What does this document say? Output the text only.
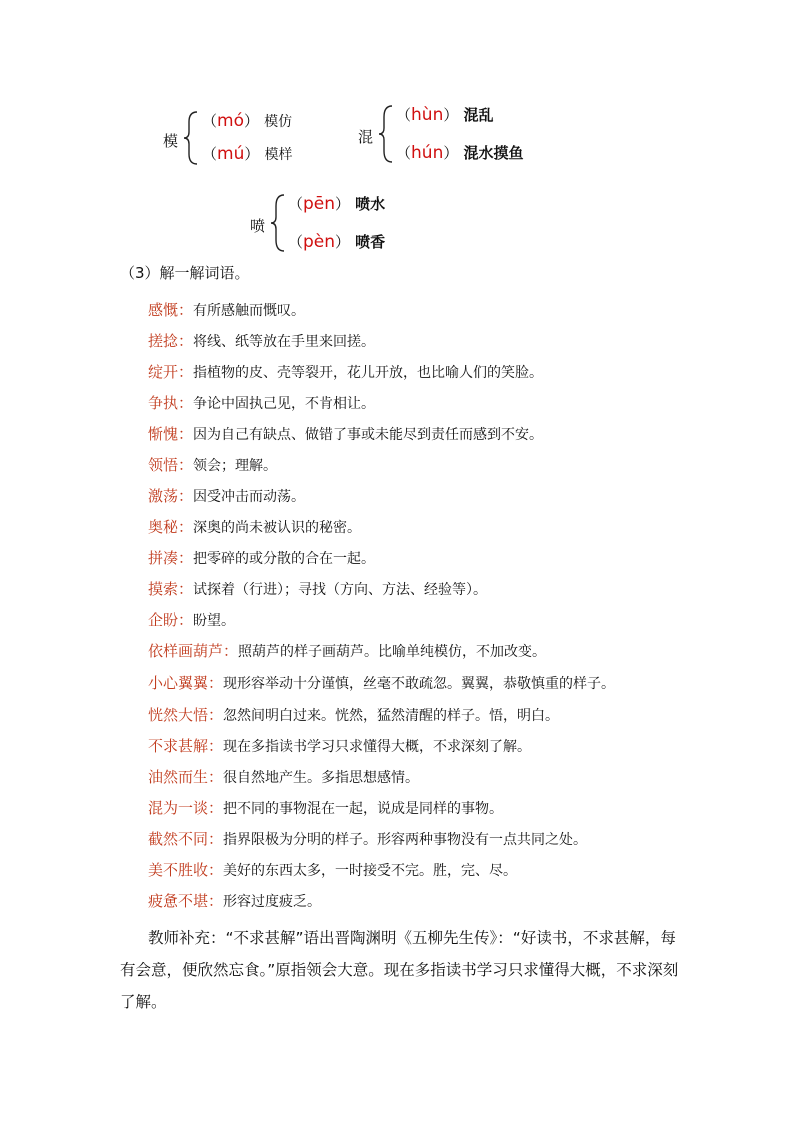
模
（mó） 模仿
（mú） 模样
混
（hùn） 混乱
（hún） 混水摸鱼
喷
（pēn） 喷水
（pèn） 喷香
（3）解一解词语。
感慨：有所感触而慨叹。
搓捻：将线、纸等放在手里来回搓。
绽开：指植物的皮、壳等裂开，花儿开放，也比喻人们的笑脸。
争执：争论中固执己见，不肯相让。
惭愧：因为自己有缺点、做错了事或未能尽到责任而感到不安。
领悟：领会；理解。
激荡：因受冲击而动荡。
奥秘：深奥的尚未被认识的秘密。
拼凑：把零碎的或分散的合在一起。
摸索：试探着（行进）；寻找（方向、方法、经验等）。
企盼：盼望。
依样画葫芦：照葫芦的样子画葫芦。比喻单纯模仿，不加改变。
小心翼翼：现形容举动十分谨慎，丝毫不敢疏忽。翼翼，恭敬慎重的样子。
恍然大悟：忽然间明白过来。恍然，猛然清醒的样子。悟，明白。
不求甚解：现在多指读书学习只求懂得大概，不求深刻了解。
油然而生：很自然地产生。多指思想感情。
混为一谈：把不同的事物混在一起，说成是同样的事物。
截然不同：指界限极为分明的样子。形容两种事物没有一点共同之处。
美不胜收：美好的东西太多，一时接受不完。胜，完、尽。
疲惫不堪：形容过度疲乏。
教师补充：“不求甚解”语出晋陶渊明《五柳先生传》：“好读书，不求甚解，每有会意，便欣然忘食。”原指领会大意。现在多指读书学习只求懂得大概，不求深刻了解。
